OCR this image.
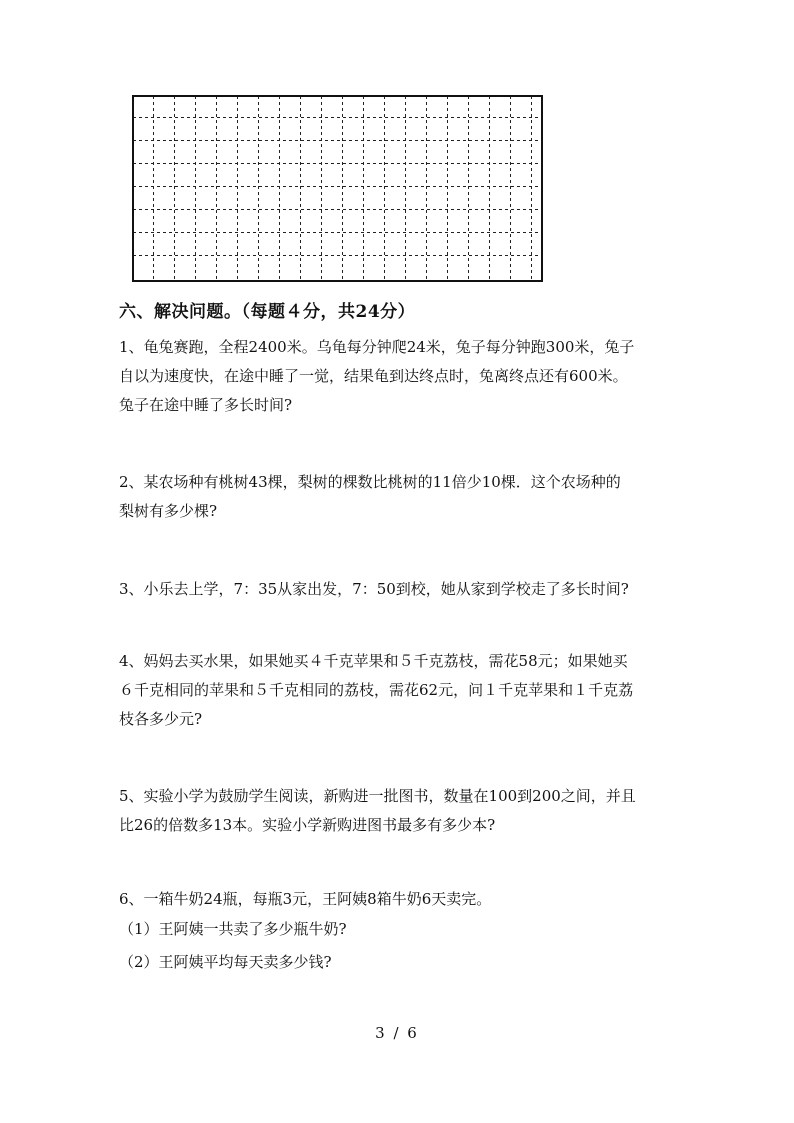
六、解决问题。（每题４分，共24分）
1、龟兔赛跑，全程2400米。乌龟每分钟爬24米，兔子每分钟跑300米，兔子
自以为速度快，在途中睡了一觉，结果龟到达终点时，兔离终点还有600米。
兔子在途中睡了多长时间?
2、某农场种有桃树43棵，梨树的棵数比桃树的11倍少10棵．这个农场种的
梨树有多少棵?
3、小乐去上学，7：35从家出发，7：50到校，她从家到学校走了多长时间?
4、妈妈去买水果，如果她买４千克苹果和５千克荔枝，需花58元；如果她买
６千克相同的苹果和５千克相同的荔枝，需花62元，问１千克苹果和１千克荔
枝各多少元?
5、实验小学为鼓励学生阅读，新购进一批图书，数量在100到200之间，并且
比26的倍数多13本。实验小学新购进图书最多有多少本?
6、一箱牛奶24瓶，每瓶3元，王阿姨8箱牛奶6天卖完。
（1）王阿姨一共卖了多少瓶牛奶?
（2）王阿姨平均每天卖多少钱?
3 / 6
